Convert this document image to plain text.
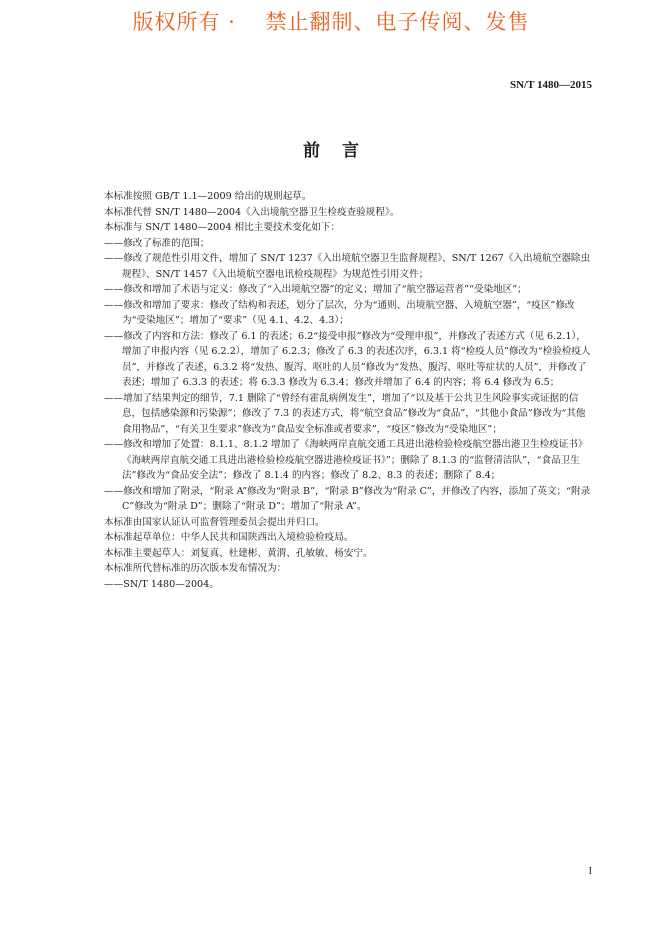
版权所有 ·　 禁止翻制、电子传阅、发售
SN/T 1480—2015
前言

本标准按照 GB/T 1.1—2009 给出的规则起草。

本标准代替 SN/T 1480—2004《入出境航空器卫生检疫查验规程》。

本标准与 SN/T 1480—2004 相比主要技术变化如下：

——修改了标准的范围；

——修改了规范性引用文件，增加了 SN/T 1237《入出境航空器卫生监督规程》、SN/T 1267《入出境航空器除虫规程》、SN/T 1457《入出境航空器电讯检疫规程》为规范性引用文件；

——修改和增加了术语与定义：修改了“入出境航空器”的定义；增加了“航空器运营者”“受染地区”；

——修改和增加了要求：修改了结构和表述，划分了层次，分为“通则、出境航空器、入境航空器”，“疫区”修改为“受染地区”；增加了“要求”（见 4.1、4.2、4.3）；

——修改了内容和方法：修改了 6.1 的表述；6.2“接受申报”修改为“受理申报”，并修改了表述方式（见 6.2.1），增加了申报内容（见 6.2.2），增加了 6.2.3；修改了 6.3 的表述次序，6.3.1 将“检疫人员”修改为“检验检疫人员”，并修改了表述，6.3.2 将“发热、腹泻、呕吐的人员”修改为“发热、腹泻、呕吐等症状的人员”，并修改了表述；增加了 6.3.3 的表述；将 6.3.3 修改为 6.3.4；修改并增加了 6.4 的内容；将 6.4 修改为 6.5；

——增加了结果判定的细节，7.1 删除了“曾经有霍乱病例发生”，增加了“以及基于公共卫生风险事实或证据的信息，包括感染源和污染源”；修改了 7.3 的表述方式，将“航空食品”修改为“食品”，“其他小食品”修改为“其他食用物品”，“有关卫生要求”修改为“食品安全标准或者要求”，“疫区”修改为“受染地区”；

——修改和增加了处置：8.1.1、8.1.2 增加了《海峡两岸直航交通工具进出港检验检疫航空器出港卫生检疫证书》《海峡两岸直航交通工具进出港检验检疫航空器进港检疫证书》”；删除了 8.1.3 的“监督清洁队”，“食品卫生法”修改为“食品安全法”；修改了 8.1.4 的内容；修改了 8.2、8.3 的表述；删除了 8.4；

——修改和增加了附录，“附录 A”修改为“附录 B”，“附录 B”修改为“附录 C”，并修改了内容，添加了英文；“附录 C”修改为“附录 D”；删除了“附录 D”；增加了“附录 A”。

本标准由国家认证认可监督管理委员会提出并归口。

本标准起草单位：中华人民共和国陕西出入境检验检疫局。

本标准主要起草人：刘复真、杜建彬、黄渭、孔敏敏、杨安宁。

本标准所代替标准的历次版本发布情况为：

——SN/T 1480—2004。

I
